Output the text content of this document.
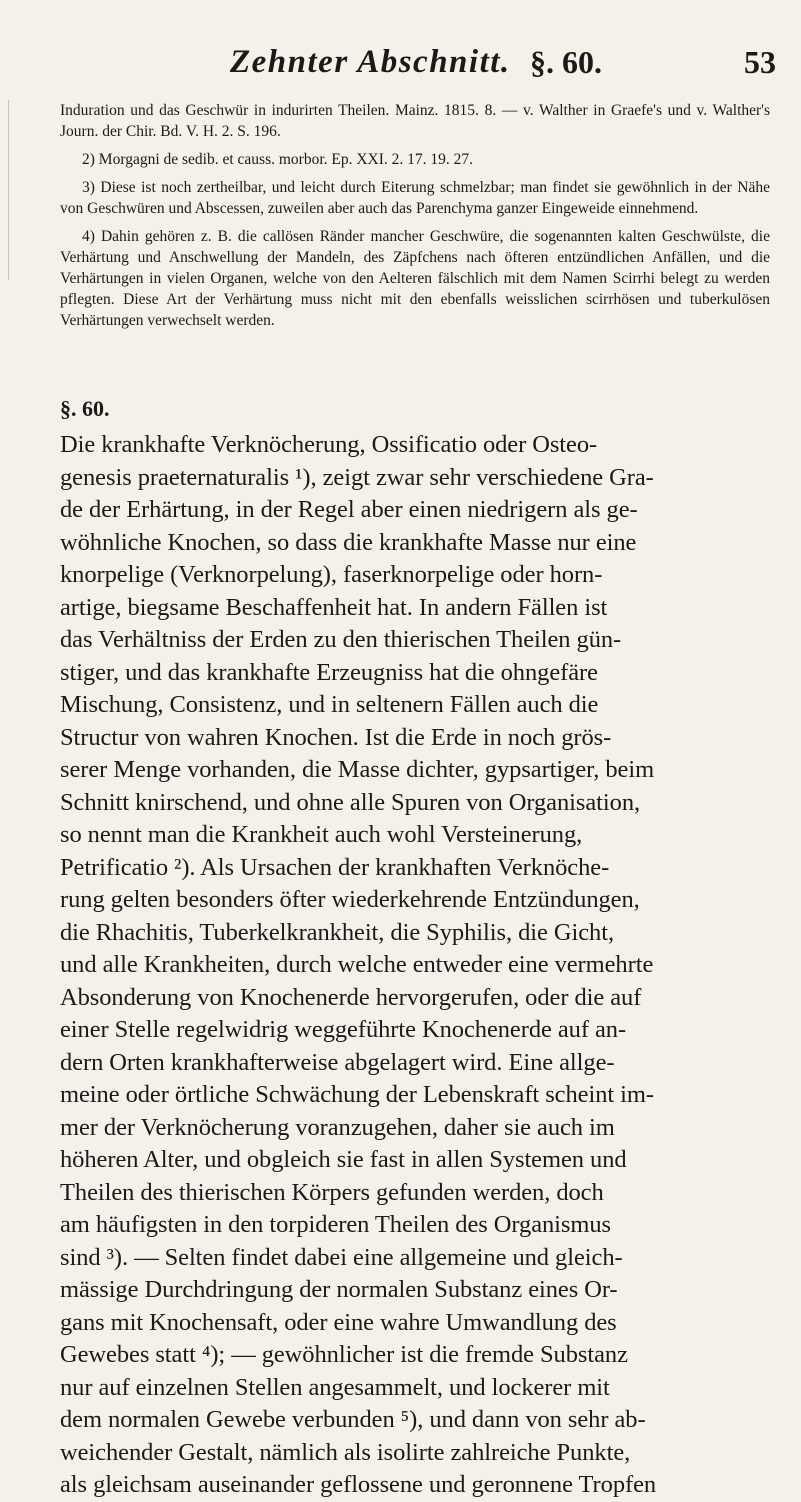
Zehnter Abschnitt. §. 60.	53

Induration und das Geschwür in indurirten Theilen. Mainz. 1815. 8. — v. Walther in Graefe's und v. Walther's Journ. der Chir. Bd. V. H. 2. S. 196.

2) Morgagni de sedib. et causs. morbor. Ep. XXI. 2. 17. 19. 27.

3) Diese ist noch zertheilbar, und leicht durch Eiterung schmelzbar; man findet sie gewöhnlich in der Nähe von Geschwüren und Abscessen, zuweilen aber auch das Parenchyma ganzer Eingeweide einnehmend.

4) Dahin gehören z. B. die callösen Ränder mancher Geschwüre, die sogenannten kalten Geschwülste, die Verhärtung und Anschwellung der Mandeln, des Zäpfchens nach öfteren entzündlichen Anfällen, und die Verhärtungen in vielen Organen, welche von den Aelteren fälschlich mit dem Namen Scirrhi belegt zu werden pflegten. Diese Art der Verhärtung muss nicht mit den ebenfalls weisslichen scirrhösen und tuberkulösen Verhärtungen verwechselt werden.

§. 60.
Die krankhafte Verknöcherung, Ossificatio oder Osteo-
genesis praeternaturalis ¹), zeigt zwar sehr verschiedene Gra-
de der Erhärtung, in der Regel aber einen niedrigern als ge-
wöhnliche Knochen, so dass die krankhafte Masse nur eine
knorpelige (Verknorpelung), faserknorpelige oder horn-
artige, biegsame Beschaffenheit hat. In andern Fällen ist
das Verhältniss der Erden zu den thierischen Theilen gün-
stiger, und das krankhafte Erzeugniss hat die ohngefäre
Mischung, Consistenz, und in seltenern Fällen auch die
Structur von wahren Knochen. Ist die Erde in noch grös-
serer Menge vorhanden, die Masse dichter, gypsartiger, beim
Schnitt knirschend, und ohne alle Spuren von Organisation,
so nennt man die Krankheit auch wohl Versteinerung,
Petrificatio ²). Als Ursachen der krankhaften Verknöche-
rung gelten besonders öfter wiederkehrende Entzündungen,
die Rhachitis, Tuberkelkrankheit, die Syphilis, die Gicht,
und alle Krankheiten, durch welche entweder eine vermehrte
Absonderung von Knochenerde hervorgerufen, oder die auf
einer Stelle regelwidrig weggeführte Knochenerde auf an-
dern Orten krankhafterweise abgelagert wird. Eine allge-
meine oder örtliche Schwächung der Lebenskraft scheint im-
mer der Verknöcherung voranzugehen, daher sie auch im
höheren Alter, und obgleich sie fast in allen Systemen und
Theilen des thierischen Körpers gefunden werden, doch
am häufigsten in den torpideren Theilen des Organismus
sind ³). — Selten findet dabei eine allgemeine und gleich-
mässige Durchdringung der normalen Substanz eines Or-
gans mit Knochensaft, oder eine wahre Umwandlung des
Gewebes statt ⁴); — gewöhnlicher ist die fremde Substanz
nur auf einzelnen Stellen angesammelt, und lockerer mit
dem normalen Gewebe verbunden ⁵), und dann von sehr ab-
weichender Gestalt, nämlich als isolirte zahlreiche Punkte,
als gleichsam auseinander geflossene und geronnene Tropfen
